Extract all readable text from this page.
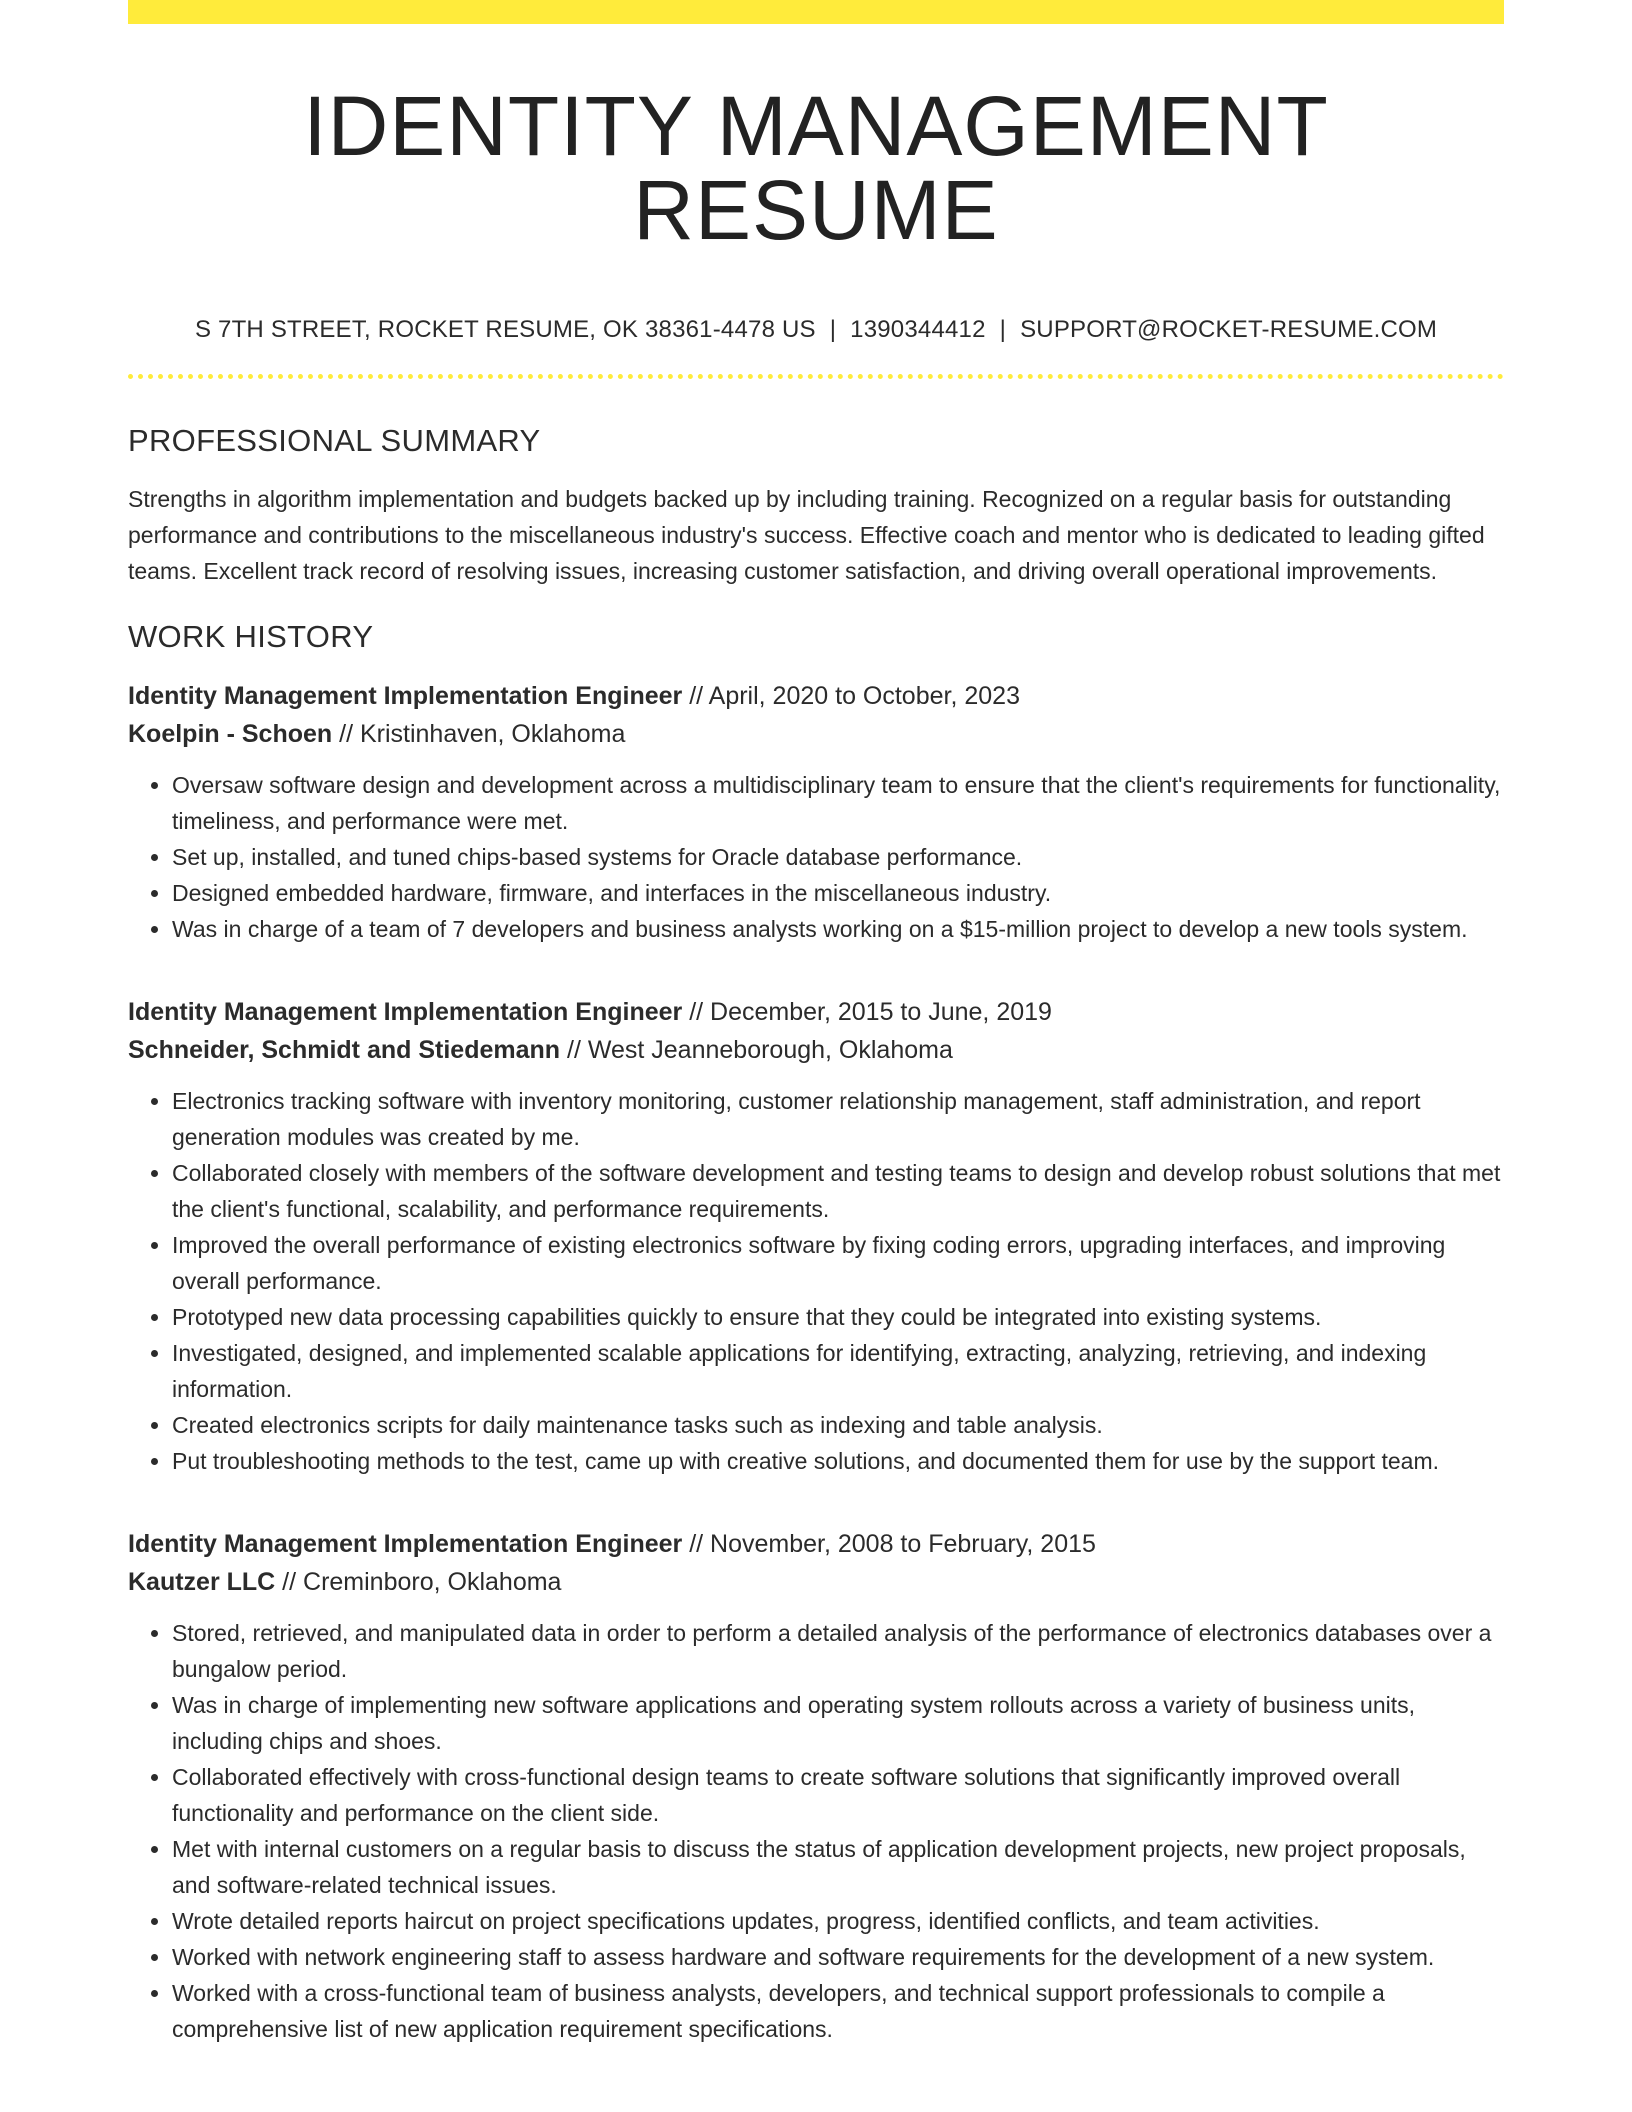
IDENTITY MANAGEMENT RESUME
S 7TH STREET, ROCKET RESUME, OK 38361-4478 US | 1390344412 | SUPPORT@ROCKET-RESUME.COM
PROFESSIONAL SUMMARY

Strengths in algorithm implementation and budgets backed up by including training. Recognized on a regular basis for outstanding performance and contributions to the miscellaneous industry's success. Effective coach and mentor who is dedicated to leading gifted teams. Excellent track record of resolving issues, increasing customer satisfaction, and driving overall operational improvements.

WORK HISTORY
Identity Management Implementation Engineer // April, 2020 to October, 2023
Koelpin - Schoen // Kristinhaven, Oklahoma
• Oversaw software design and development across a multidisciplinary team to ensure that the client's requirements for functionality, timeliness, and performance were met.
• Set up, installed, and tuned chips-based systems for Oracle database performance.
• Designed embedded hardware, firmware, and interfaces in the miscellaneous industry.
• Was in charge of a team of 7 developers and business analysts working on a $15-million project to develop a new tools system.
Identity Management Implementation Engineer // December, 2015 to June, 2019
Schneider, Schmidt and Stiedemann // West Jeanneborough, Oklahoma
• Electronics tracking software with inventory monitoring, customer relationship management, staff administration, and report generation modules was created by me.
• Collaborated closely with members of the software development and testing teams to design and develop robust solutions that met the client's functional, scalability, and performance requirements.
• Improved the overall performance of existing electronics software by fixing coding errors, upgrading interfaces, and improving overall performance.
• Prototyped new data processing capabilities quickly to ensure that they could be integrated into existing systems.
• Investigated, designed, and implemented scalable applications for identifying, extracting, analyzing, retrieving, and indexing information.
• Created electronics scripts for daily maintenance tasks such as indexing and table analysis.
• Put troubleshooting methods to the test, came up with creative solutions, and documented them for use by the support team.
Identity Management Implementation Engineer // November, 2008 to February, 2015
Kautzer LLC // Creminboro, Oklahoma
• Stored, retrieved, and manipulated data in order to perform a detailed analysis of the performance of electronics databases over a bungalow period.
• Was in charge of implementing new software applications and operating system rollouts across a variety of business units, including chips and shoes.
• Collaborated effectively with cross-functional design teams to create software solutions that significantly improved overall functionality and performance on the client side.
• Met with internal customers on a regular basis to discuss the status of application development projects, new project proposals, and software-related technical issues.
• Wrote detailed reports haircut on project specifications updates, progress, identified conflicts, and team activities.
• Worked with network engineering staff to assess hardware and software requirements for the development of a new system.
• Worked with a cross-functional team of business analysts, developers, and technical support professionals to compile a comprehensive list of new application requirement specifications.
